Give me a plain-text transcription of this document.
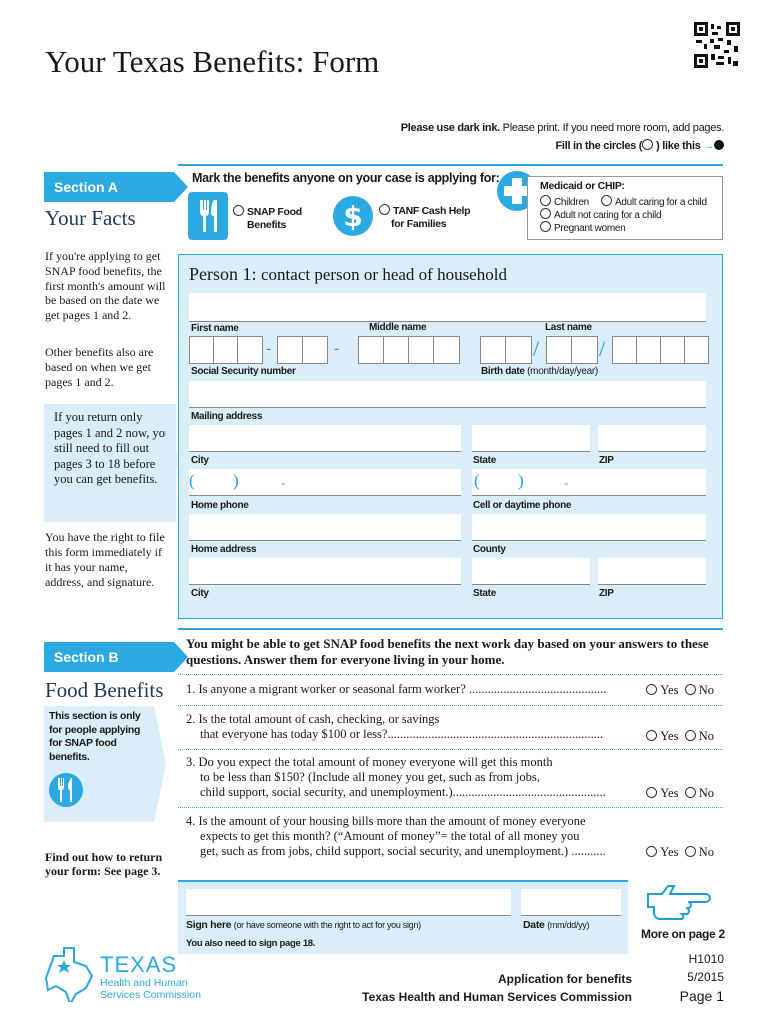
Your Texas Benefits: Form
Please use dark ink. Please print. If you need more room, add pages.
Fill in the circles ( ) like this →
Section A
Your Facts
If you're applying to get SNAP food benefits, the first month's amount will be based on the date we get pages 1 and 2.
Other benefits also are based on when we get pages 1 and 2.
If you return only pages 1 and 2 now, you still need to fill out pages 3 to 18 before you can get benefits.
You have the right to file this form immediately if it has your name, address, and signature.
Mark the benefits anyone on your case is applying for:
SNAP Food
Benefits	$	TANF Cash Help
for Families
Medicaid or CHIP:
Children	Adult caring for a child
Adult not caring for a child
Pregnant women
Person 1: contact person or head of household
First name	Middle name	Last name
-	-
Social Security number
/	/
Birth date (month/day/year)
Mailing address
City	State	ZIP
( )	-	( )	-
Home phone	Cell or daytime phone
Home address	County
City	State	ZIP
Section B
Food Benefits
This section is only for people applying for SNAP food benefits.
Find out how to return your form: See page 3.
You might be able to get SNAP food benefits the next work day based on your answers to these questions. Answer them for everyone living in your home.
1. Is anyone a migrant worker or seasonal farm worker? ............................................	Yes No
2. Is the total amount of cash, checking, or savings
that everyone has today $100 or less?.....................................................................	Yes No
3. Do you expect the total amount of money everyone will get this month
to be less than $150? (Include all money you get, such as from jobs,
child support, social security, and unemployment.).................................................	Yes No
4. Is the amount of your housing bills more than the amount of money everyone
expects to get this month? (“Amount of money”= the total of all money you
get, such as from jobs, child support, social security, and unemployment.) ...........	Yes No
Sign here (or have someone with the right to act for you sign)	Date (mm/dd/yy)
You also need to sign page 18.
More on page 2
TEXAS
Health and Human
Services Commission
Application for benefits
Texas Health and Human Services Commission
H1010
5/2015
Page 1
